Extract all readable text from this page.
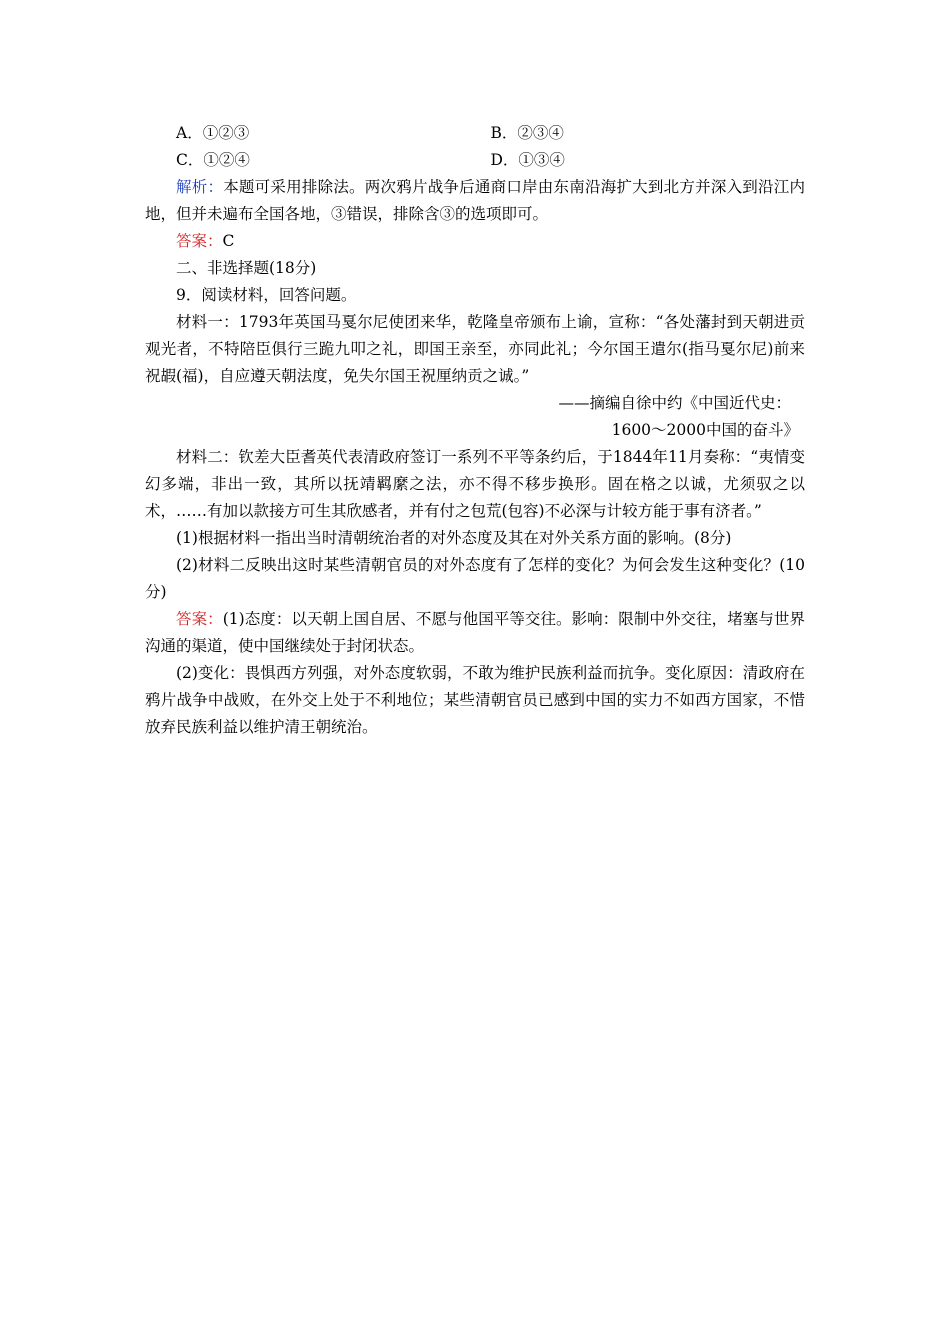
A．①②③	B．②③④
C．①②④	D．①③④

解析：本题可采用排除法。两次鸦片战争后通商口岸由东南沿海扩大到北方并深入到沿江内地，但并未遍布全国各地，③错误，排除含③的选项即可。

答案：C

二、非选择题(18分)

9．阅读材料，回答问题。

材料一：1793年英国马戛尔尼使团来华，乾隆皇帝颁布上谕，宣称：“各处藩封到天朝进贡观光者，不特陪臣俱行三跪九叩之礼，即国王亲至，亦同此礼；今尔国王遣尔(指马戛尔尼)前来祝嘏(福)，自应遵天朝法度，免失尔国王祝厘纳贡之诚。”

——摘编自徐中约《中国近代史：

1600～2000中国的奋斗》

材料二：钦差大臣耆英代表清政府签订一系列不平等条约后，于1844年11月奏称：“夷情变幻多端，非出一致，其所以抚靖羁縻之法，亦不得不移步换形。固在格之以诚，尤须驭之以术，……有加以款接方可生其欣感者，并有付之包荒(包容)不必深与计较方能于事有济者。”

(1)根据材料一指出当时清朝统治者的对外态度及其在对外关系方面的影响。(8分)

(2)材料二反映出这时某些清朝官员的对外态度有了怎样的变化？为何会发生这种变化？(10分)

答案：(1)态度：以天朝上国自居、不愿与他国平等交往。影响：限制中外交往，堵塞与世界沟通的渠道，使中国继续处于封闭状态。

(2)变化：畏惧西方列强，对外态度软弱，不敢为维护民族利益而抗争。变化原因：清政府在鸦片战争中战败，在外交上处于不利地位；某些清朝官员已感到中国的实力不如西方国家，不惜放弃民族利益以维护清王朝统治。
